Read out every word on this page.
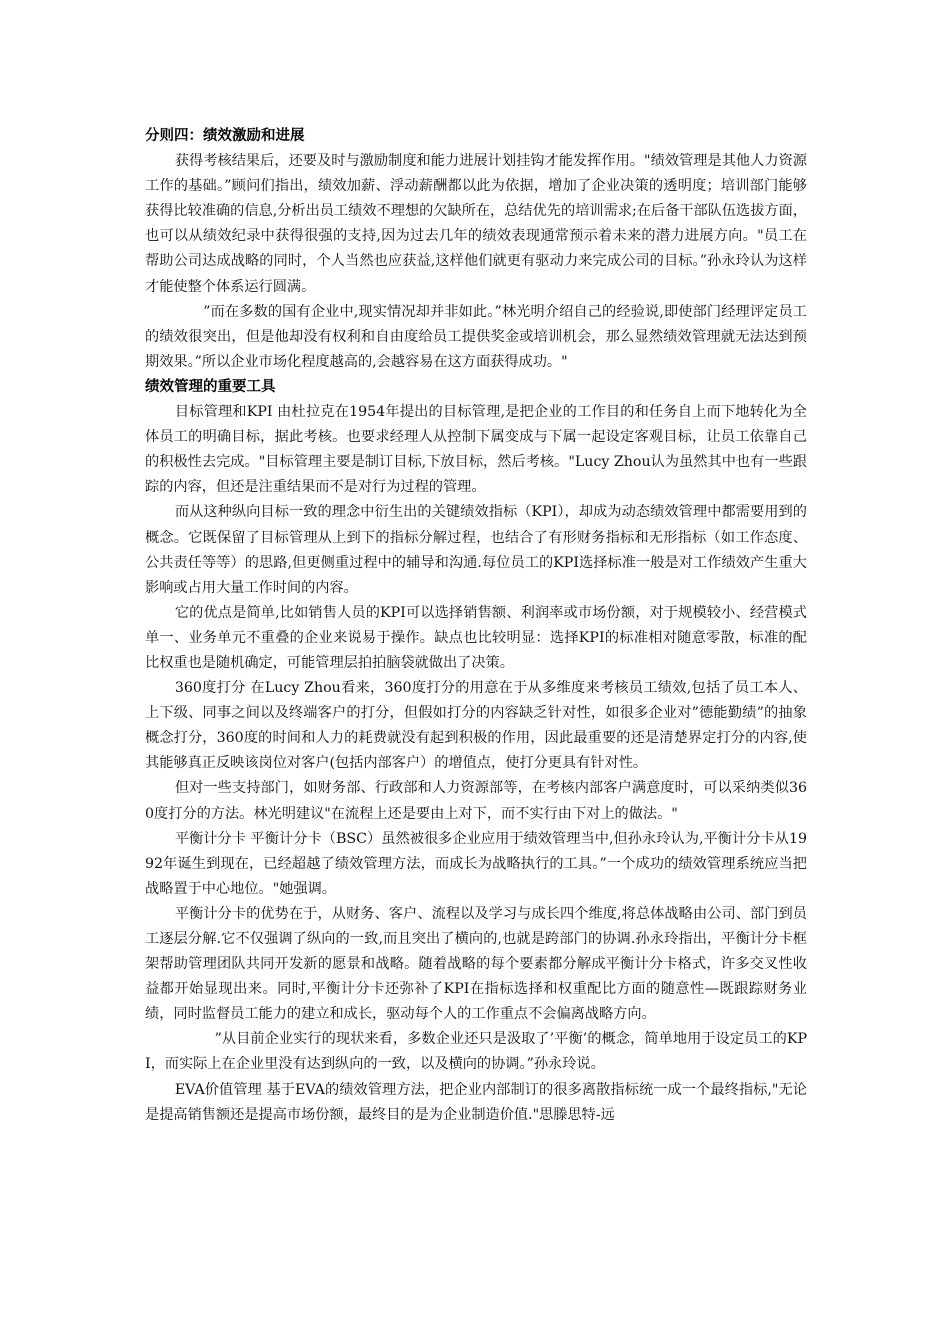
分则四：绩效激励和进展

获得考核结果后，还要及时与激励制度和能力进展计划挂钩才能发挥作用。"绩效管理是其他人力资源工作的基础。”顾问们指出，绩效加薪、浮动薪酬都以此为依据，增加了企业决策的透明度；培训部门能够获得比较准确的信息,分析出员工绩效不理想的欠缺所在，总结优先的培训需求;在后备干部队伍选拔方面，也可以从绩效纪录中获得很强的支持,因为过去几年的绩效表现通常预示着未来的潜力进展方向。"员工在帮助公司达成战略的同时，个人当然也应获益,这样他们就更有驱动力来完成公司的目标。”孙永玲认为这样才能使整个体系运行圆满。

”而在多数的国有企业中,现实情况却并非如此。”林光明介绍自己的经验说,即使部门经理评定员工的绩效很突出，但是他却没有权利和自由度给员工提供奖金或培训机会，那么显然绩效管理就无法达到预期效果。”所以企业市场化程度越高的,会越容易在这方面获得成功。"

绩效管理的重要工具

目标管理和KPI 由杜拉克在1954年提出的目标管理,是把企业的工作目的和任务自上而下地转化为全体员工的明确目标，据此考核。也要求经理人从控制下属变成与下属一起设定客观目标，让员工依靠自己的积极性去完成。"目标管理主要是制订目标,下放目标，然后考核。"Lucy Zhou认为虽然其中也有一些跟踪的内容，但还是注重结果而不是对行为过程的管理。

而从这种纵向目标一致的理念中衍生出的关键绩效指标（KPI），却成为动态绩效管理中都需要用到的概念。它既保留了目标管理从上到下的指标分解过程，也结合了有形财务指标和无形指标（如工作态度、公共责任等等）的思路,但更侧重过程中的辅导和沟通.每位员工的KPI选择标准一般是对工作绩效产生重大影响或占用大量工作时间的内容。

它的优点是简单,比如销售人员的KPI可以选择销售额、利润率或市场份额，对于规模较小、经营模式单一、业务单元不重叠的企业来说易于操作。缺点也比较明显：选择KPI的标准相对随意零散，标准的配比权重也是随机确定，可能管理层拍拍脑袋就做出了决策。

360度打分 在Lucy Zhou看来，360度打分的用意在于从多维度来考核员工绩效,包括了员工本人、上下级、同事之间以及终端客户的打分，但假如打分的内容缺乏针对性，如很多企业对”德能勤绩”的抽象概念打分，360度的时间和人力的耗费就没有起到积极的作用，因此最重要的还是清楚界定打分的内容,使其能够真正反映该岗位对客户(包括内部客户）的增值点，使打分更具有针对性。

但对一些支持部门，如财务部、行政部和人力资源部等，在考核内部客户满意度时，可以采纳类似360度打分的方法。林光明建议"在流程上还是要由上对下，而不实行由下对上的做法。"

平衡计分卡 平衡计分卡（BSC）虽然被很多企业应用于绩效管理当中,但孙永玲认为,平衡计分卡从1992年诞生到现在，已经超越了绩效管理方法，而成长为战略执行的工具。”一个成功的绩效管理系统应当把战略置于中心地位。"她强调。

平衡计分卡的优势在于，从财务、客户、流程以及学习与成长四个维度,将总体战略由公司、部门到员工逐层分解.它不仅强调了纵向的一致,而且突出了横向的,也就是跨部门的协调.孙永玲指出，平衡计分卡框架帮助管理团队共同开发新的愿景和战略。随着战略的每个要素都分解成平衡计分卡格式，许多交叉性收益都开始显现出来。同时,平衡计分卡还弥补了KPI在指标选择和权重配比方面的随意性—既跟踪财务业绩，同时监督员工能力的建立和成长，驱动每个人的工作重点不会偏离战略方向。

”从目前企业实行的现状来看，多数企业还只是汲取了’平衡’的概念，简单地用于设定员工的KPI，而实际上在企业里没有达到纵向的一致，以及横向的协调。”孙永玲说。

EVA价值管理 基于EVA的绩效管理方法，把企业内部制订的很多离散指标统一成一个最终指标,"无论是提高销售额还是提高市场份额，最终目的是为企业制造价值."思滕思特-远
